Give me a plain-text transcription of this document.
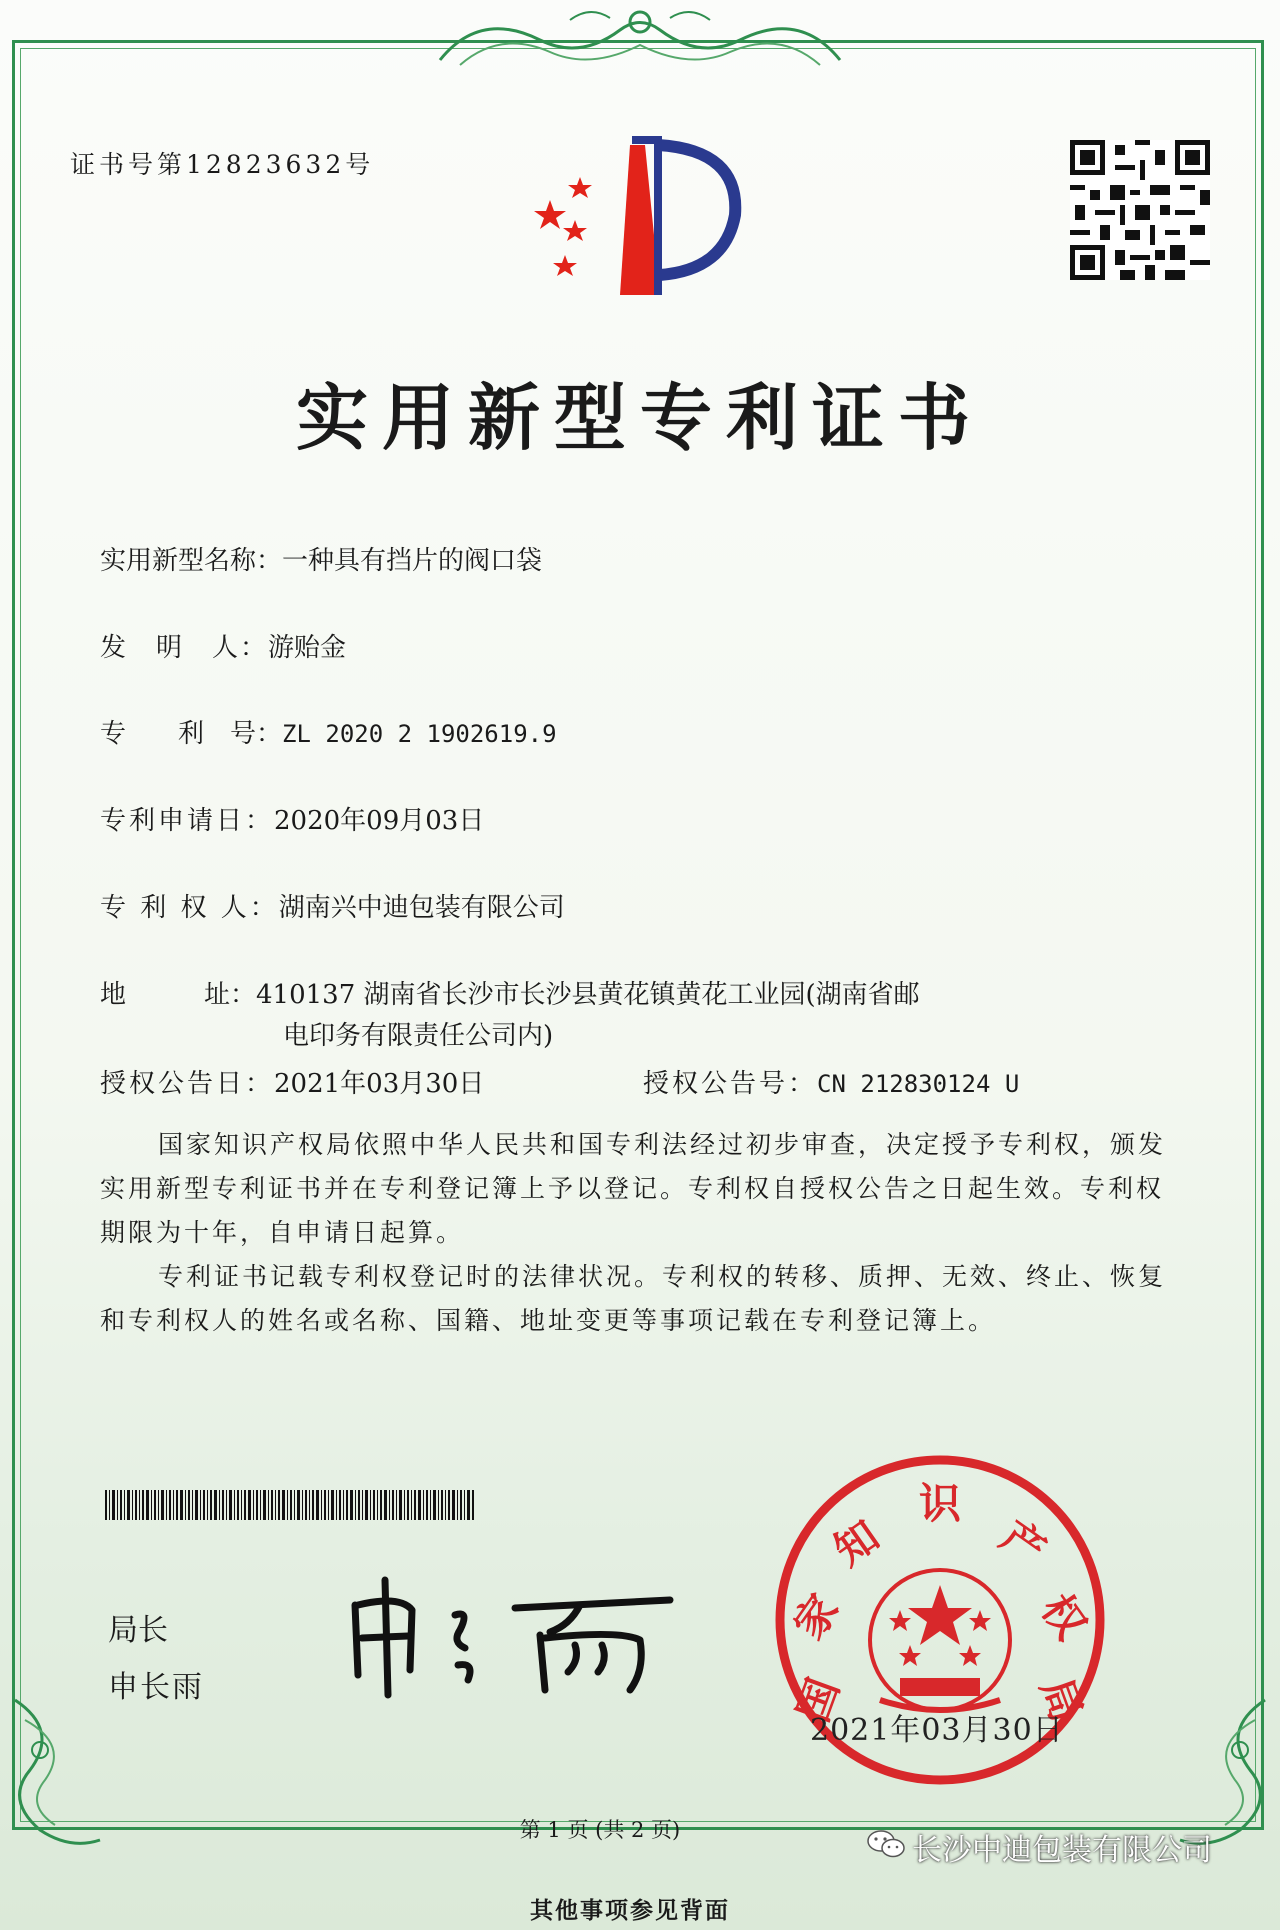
证书号第12823632号
实用新型专利证书
实用新型名称：一种具有挡片的阀口袋
发　明　人：游贻金
专　　利　号：ZL 2020 2 1902619.9
专利申请日：2020年09月03日
专 利 权 人：湖南兴中迪包装有限公司
地　　　址：410137 湖南省长沙市长沙县黄花镇黄花工业园(湖南省邮
电印务有限责任公司内)
授权公告日：2021年03月30日	授权公告号：CN 212830124 U
国家知识产权局依照中华人民共和国专利法经过初步审查，决定授予专利权，颁发实用新型专利证书并在专利登记簿上予以登记。专利权自授权公告之日起生效。专利权期限为十年，自申请日起算。
专利证书记载专利权登记时的法律状况。专利权的转移、质押、无效、终止、恢复和专利权人的姓名或名称、国籍、地址变更等事项记载在专利登记簿上。
局长
申长雨	国
家
知
识
产
权
局
2021年03月30日
第 1 页 (共 2 页)
长沙中迪包装有限公司
其他事项参见背面
